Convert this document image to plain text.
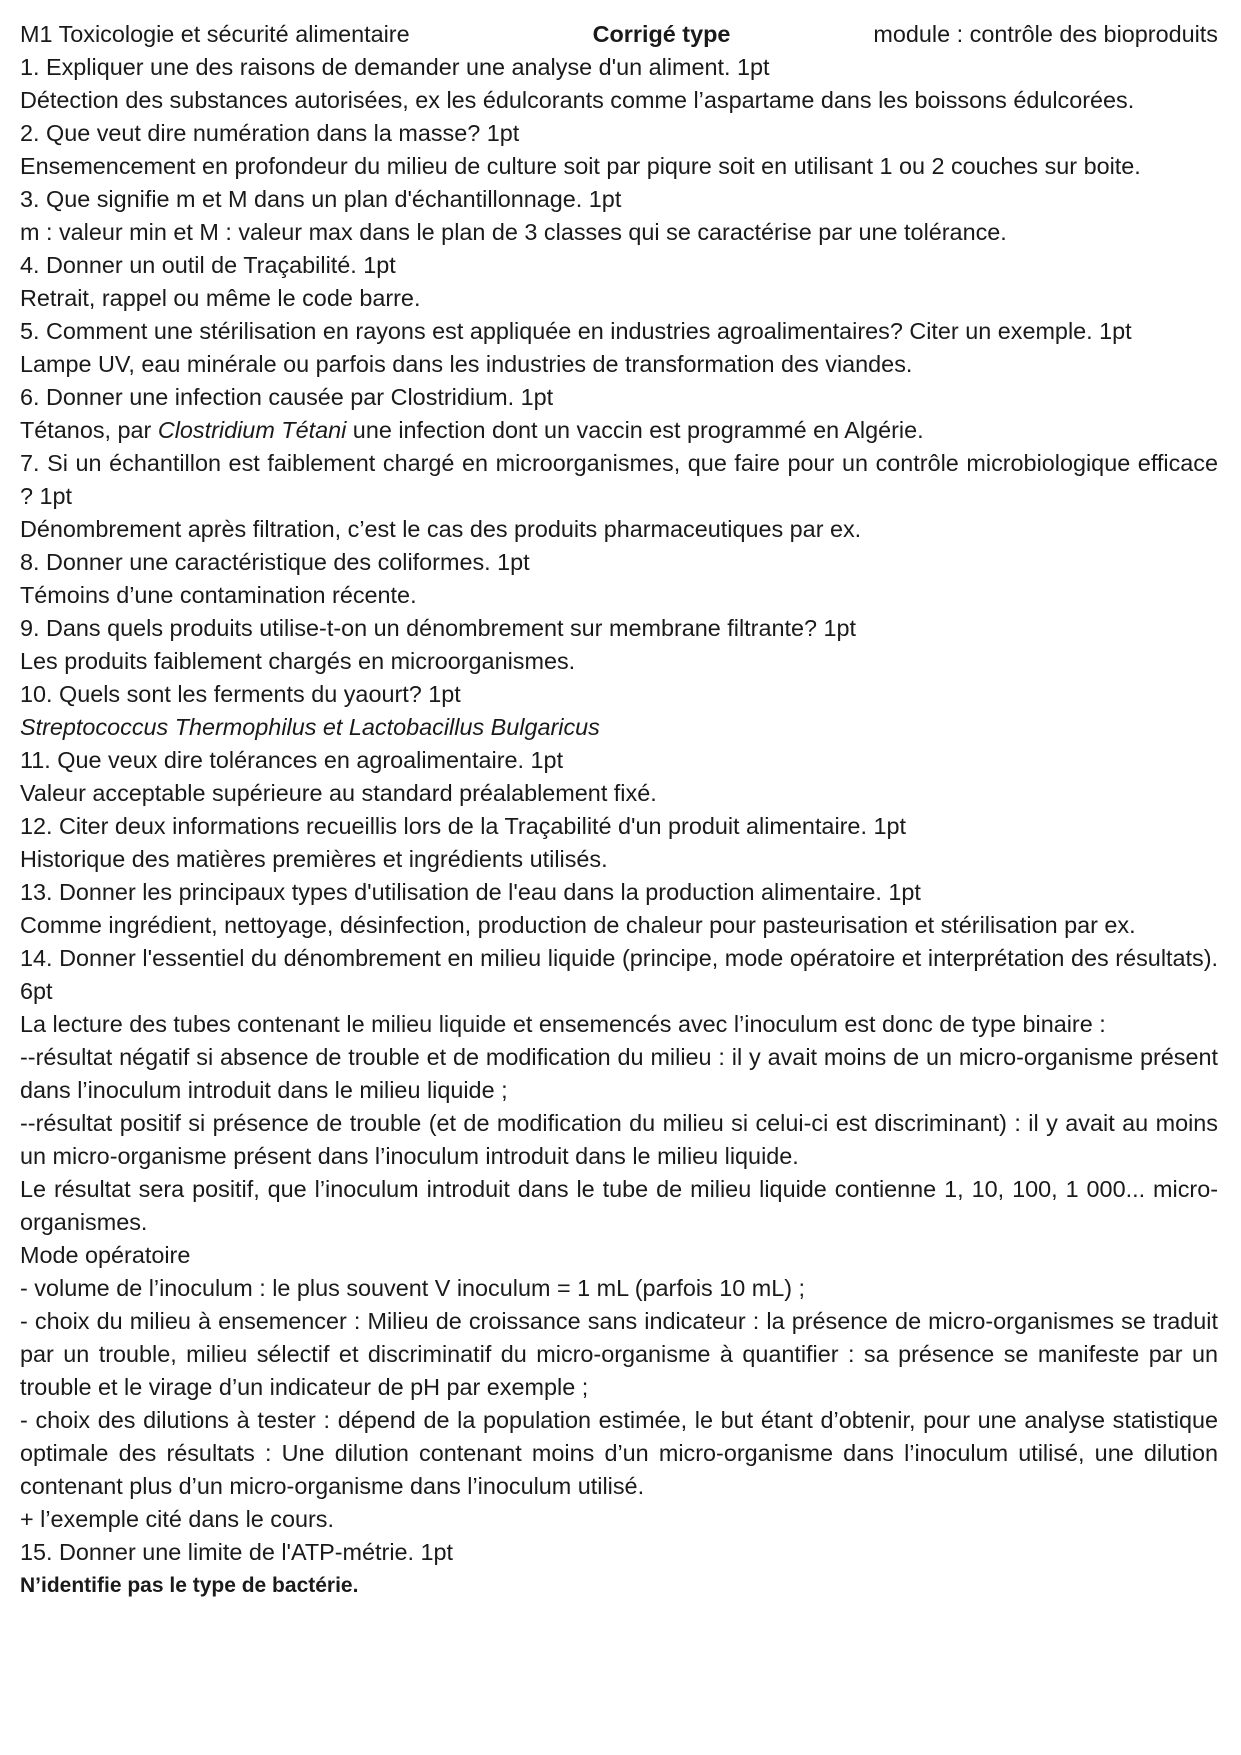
M1 Toxicologie et sécurité alimentaire	Corrigé type	module : contrôle des bioproduits
1. Expliquer une des raisons de demander une analyse d'un aliment. 1pt
Détection des substances autorisées, ex les édulcorants comme l’aspartame dans les boissons édulcorées.
2. Que veut dire numération dans la masse? 1pt
Ensemencement en profondeur du milieu de culture soit par piqure soit en utilisant 1 ou 2 couches sur boite.
3. Que signifie m et M dans un plan d'échantillonnage. 1pt
m : valeur min et M : valeur max dans le plan de 3 classes qui se caractérise par une tolérance.
4. Donner un outil de Traçabilité. 1pt
Retrait, rappel ou même le code barre.
5. Comment une stérilisation en rayons est appliquée en industries agroalimentaires? Citer un exemple. 1pt
Lampe UV, eau minérale ou parfois dans les industries de transformation des viandes.
6. Donner une infection causée par Clostridium. 1pt
Tétanos, par Clostridium Tétani une infection dont un vaccin est programmé en Algérie.
7. Si un échantillon est faiblement chargé en microorganismes, que faire pour un contrôle microbiologique efficace ? 1pt
Dénombrement après filtration, c’est le cas des produits pharmaceutiques par ex.
8. Donner une caractéristique des coliformes. 1pt
Témoins d’une contamination récente.
9. Dans quels produits utilise-t-on un dénombrement sur membrane filtrante? 1pt
Les produits faiblement chargés en microorganismes.
10. Quels sont les ferments du yaourt? 1pt
Streptococcus Thermophilus et Lactobacillus Bulgaricus
11. Que veux dire tolérances en agroalimentaire. 1pt
Valeur acceptable supérieure au standard préalablement fixé.
12. Citer deux informations recueillis lors de la Traçabilité d'un produit alimentaire. 1pt
Historique des matières premières et ingrédients utilisés.
13. Donner les principaux types d'utilisation de l'eau dans la production alimentaire. 1pt
Comme ingrédient, nettoyage, désinfection, production de chaleur pour pasteurisation et stérilisation par ex.
14. Donner l'essentiel du dénombrement en milieu liquide (principe, mode opératoire et interprétation des résultats). 6pt
La lecture des tubes contenant le milieu liquide et ensemencés avec l’inoculum est donc de type binaire :
--résultat négatif si absence de trouble et de modification du milieu : il y avait moins de un micro-organisme présent dans l’inoculum introduit dans le milieu liquide ;
--résultat positif si présence de trouble (et de modification du milieu si celui-ci est discriminant) : il y avait au moins un micro-organisme présent dans l’inoculum introduit dans le milieu liquide.
Le résultat sera positif, que l’inoculum introduit dans le tube de milieu liquide contienne 1, 10, 100, 1 000... micro-organismes.
Mode opératoire
- volume de l’inoculum : le plus souvent V inoculum = 1 mL (parfois 10 mL) ;
- choix du milieu à ensemencer : Milieu de croissance sans indicateur : la présence de micro-organismes se traduit par un trouble, milieu sélectif et discriminatif du micro-organisme à quantifier : sa présence se manifeste par un trouble et le virage d’un indicateur de pH par exemple ;
- choix des dilutions à tester : dépend de la population estimée, le but étant d’obtenir, pour une analyse statistique optimale des résultats : Une dilution contenant moins d’un micro-organisme dans l’inoculum utilisé, une dilution contenant plus d’un micro-organisme dans l’inoculum utilisé.
+ l’exemple cité dans le cours.
15. Donner une limite de l'ATP-métrie. 1pt
N’identifie pas le type de bactérie.
